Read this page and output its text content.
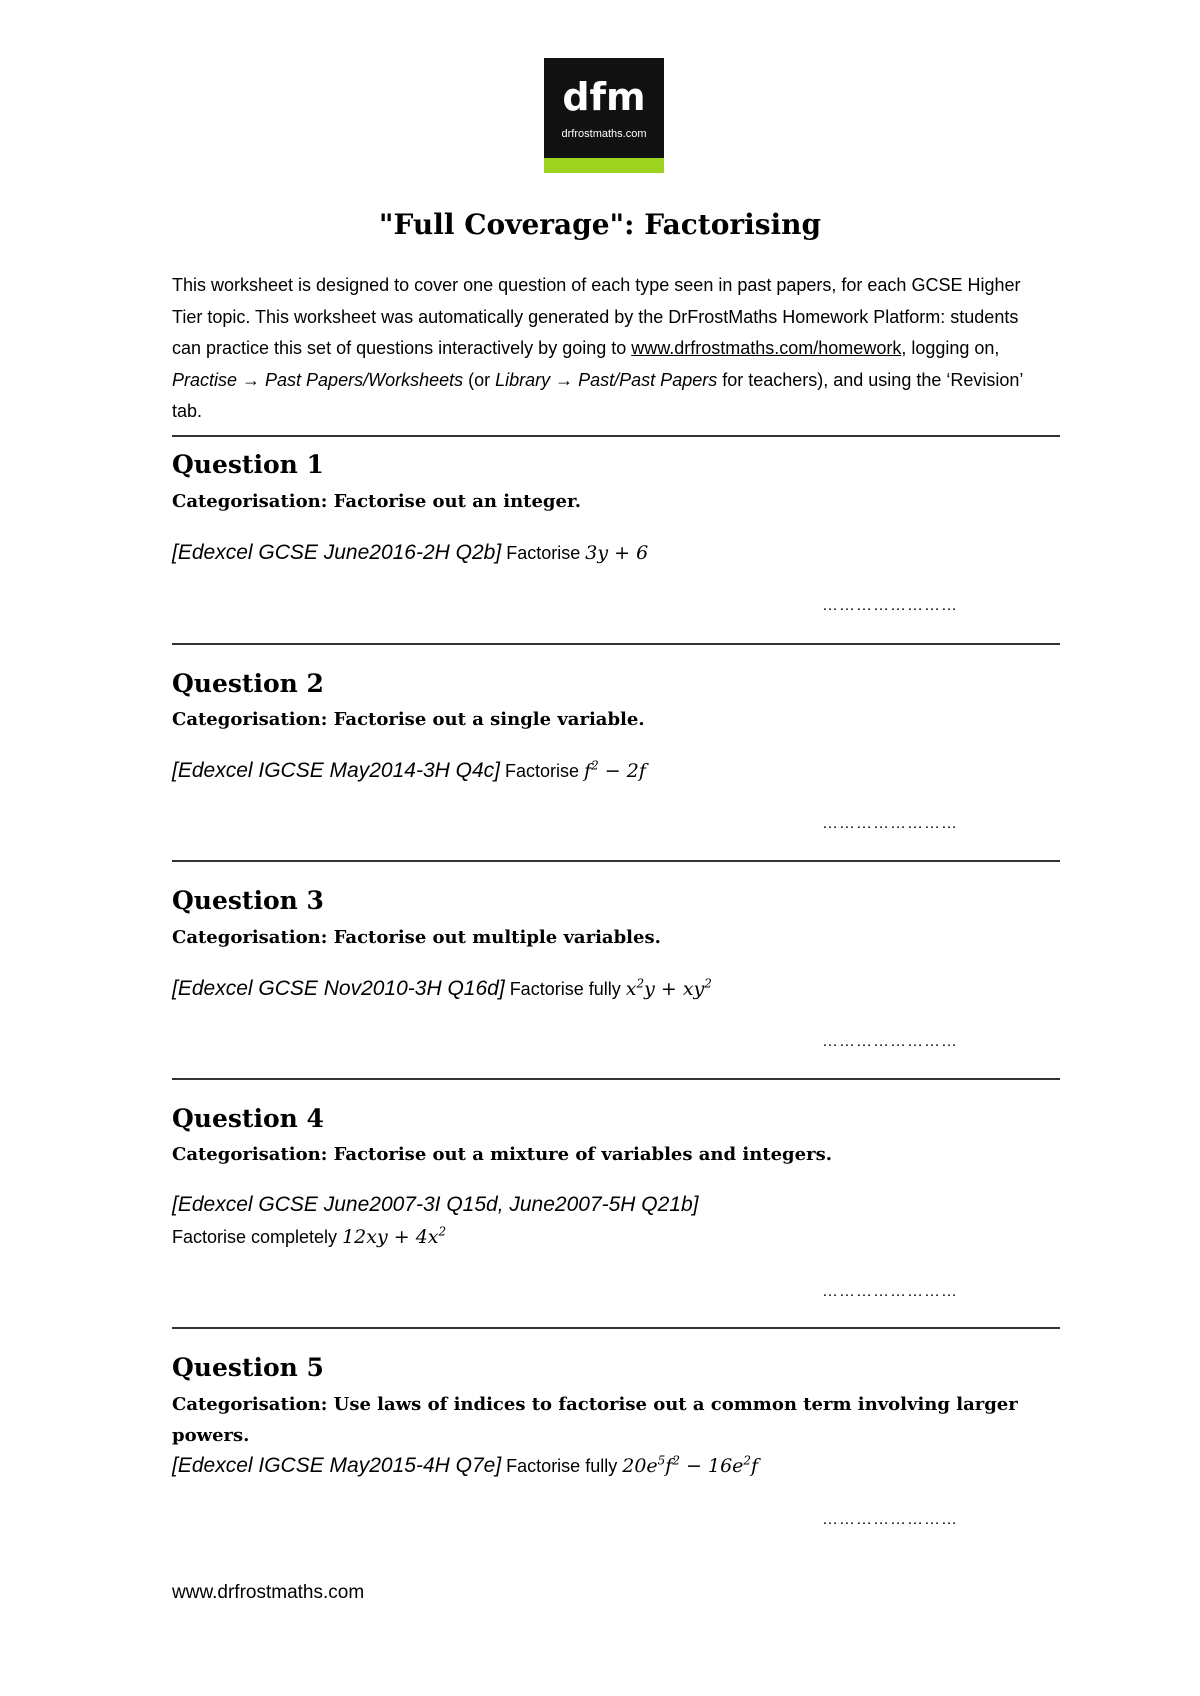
dfm
drfrostmaths.com
"Full Coverage": Factorising
This worksheet is designed to cover one question of each type seen in past papers, for each GCSE Higher Tier topic. This worksheet was automatically generated by the DrFrostMaths Homework Platform: students can practice this set of questions interactively by going to www.drfrostmaths.com/homework, logging on, Practise → Past Papers/Worksheets (or Library → Past/Past Papers for teachers), and using the ‘Revision’ tab.
Question 1
Categorisation: Factorise out an integer.
[Edexcel GCSE June2016-2H Q2b] Factorise 3y + 6
……………………
Question 2
Categorisation: Factorise out a single variable.
[Edexcel IGCSE May2014-3H Q4c] Factorise $f^2 - 2f$
……………………
Question 3
Categorisation: Factorise out multiple variables.
[Edexcel GCSE Nov2010-3H Q16d] Factorise fully $x^2y + xy^2$
……………………
Question 4
Categorisation: Factorise out a mixture of variables and integers.
[Edexcel GCSE June2007-3I Q15d, June2007-5H Q21b]
Factorise completely $12xy + 4x^2$
……………………
Question 5
Categorisation: Use laws of indices to factorise out a common term involving larger powers.
[Edexcel IGCSE May2015-4H Q7e] Factorise fully $20e^5f^2 - 16e^2f$
……………………
www.drfrostmaths.com
